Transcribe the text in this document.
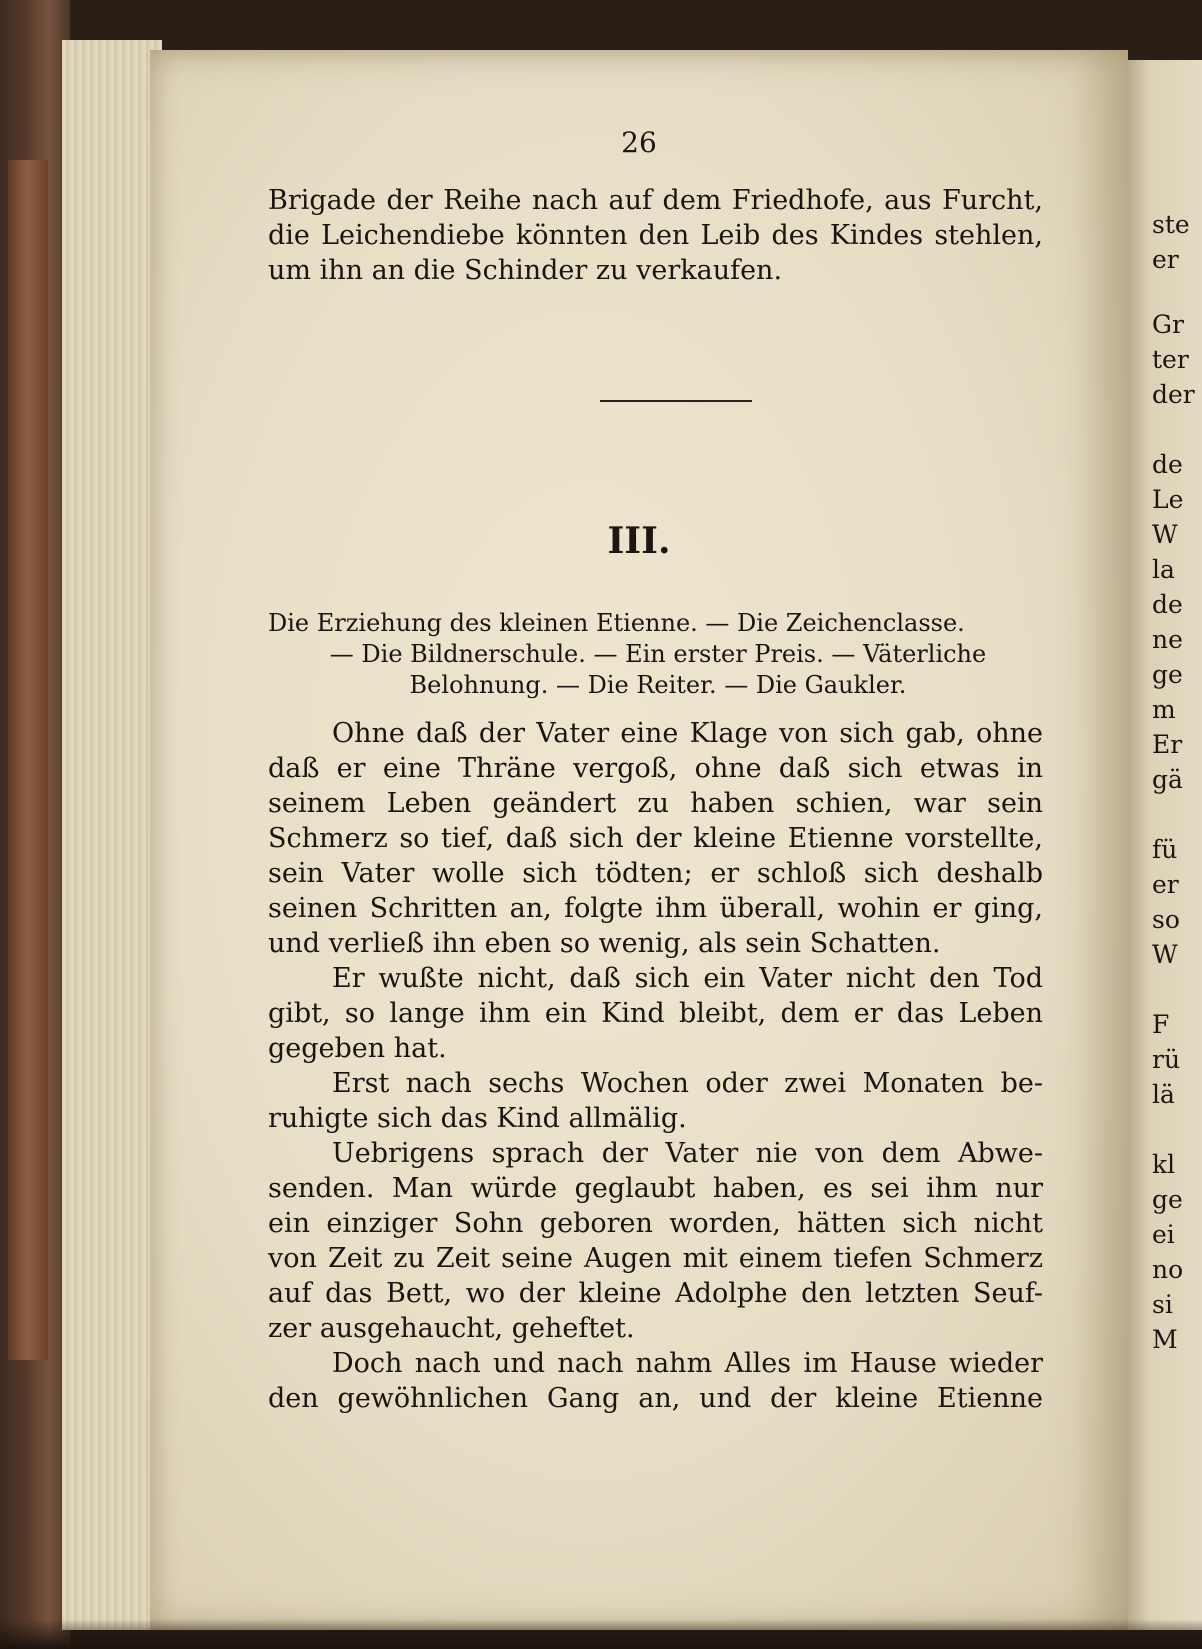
26
Brigade der Reihe nach auf dem Friedhofe, aus Furcht,
die Leichendiebe könnten den Leib des Kindes stehlen,
um ihn an die Schinder zu verkaufen.
III.
Die Erziehung des kleinen Etienne. — Die Zeichenclasse.
— Die Bildnerschule. — Ein erster Preis. — Väterliche
Belohnung. — Die Reiter. — Die Gaukler.
Ohne daß der Vater eine Klage von sich gab, ohne
daß er eine Thräne vergoß, ohne daß sich etwas in
seinem Leben geändert zu haben schien, war sein
Schmerz so tief, daß sich der kleine Etienne vorstellte,
sein Vater wolle sich tödten; er schloß sich deshalb
seinen Schritten an, folgte ihm überall, wohin er ging,
und verließ ihn eben so wenig, als sein Schatten.
Er wußte nicht, daß sich ein Vater nicht den Tod
gibt, so lange ihm ein Kind bleibt, dem er das Leben
gegeben hat.
Erst nach sechs Wochen oder zwei Monaten be-
ruhigte sich das Kind allmälig.
Uebrigens sprach der Vater nie von dem Abwe-
senden. Man würde geglaubt haben, es sei ihm nur
ein einziger Sohn geboren worden, hätten sich nicht
von Zeit zu Zeit seine Augen mit einem tiefen Schmerz
auf das Bett, wo der kleine Adolphe den letzten Seuf-
zer ausgehaucht, geheftet.
Doch nach und nach nahm Alles im Hause wieder
den gewöhnlichen Gang an, und der kleine Etienne
ste
er
Gr
ter
der
de
Le
W
la
de
ne
ge
m
Er
gä
fü
er
so
W
F
rü
lä
kl
ge
ei
no
si
M
